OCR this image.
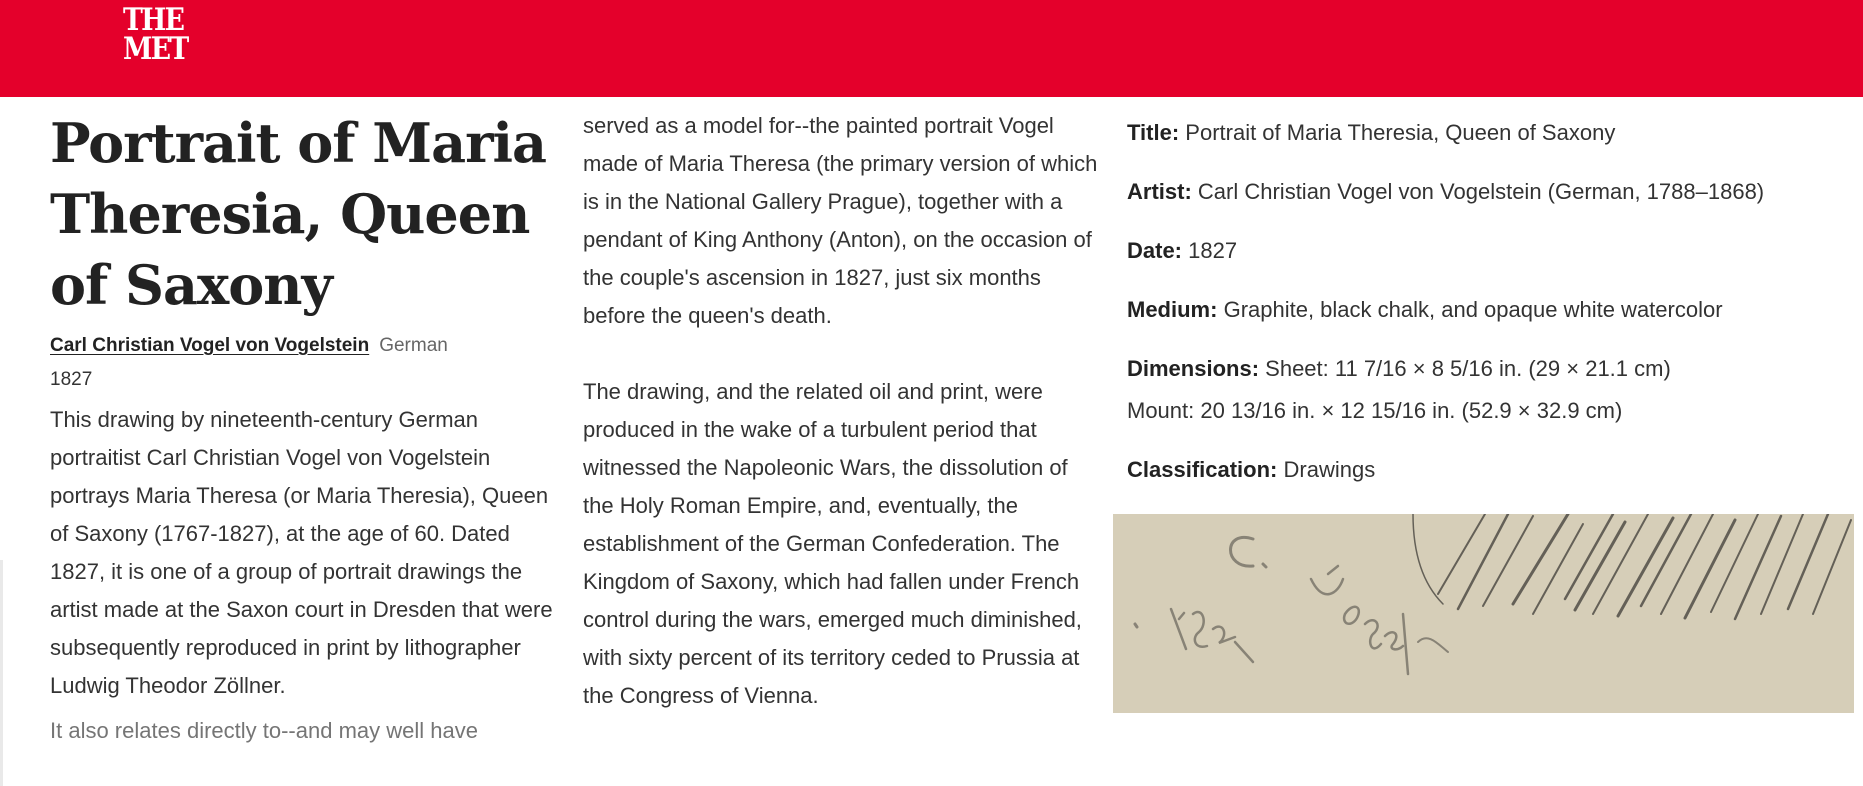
THE
MET
Portrait of Maria Theresia, Queen of Saxony
Carl Christian Vogel von Vogelstein German
1827

This drawing by nineteenth-century German portraitist Carl Christian Vogel von Vogelstein portrays Maria Theresa (or Maria Theresia), Queen of Saxony (1767-1827), at the age of 60. Dated 1827, it is one of a group of portrait drawings the artist made at the Saxon court in Dresden that were subsequently reproduced in print by lithographer Ludwig Theodor Zöllner.

It also relates directly to--and may well have

served as a model for--the painted portrait Vogel made of Maria Theresa (the primary version of which is in the National Gallery Prague), together with a pendant of King Anthony (Anton), on the occasion of the couple's ascension in 1827, just six months before the queen's death.

The drawing, and the related oil and print, were produced in the wake of a turbulent period that witnessed the Napoleonic Wars, the dissolution of the Holy Roman Empire, and, eventually, the establishment of the German Confederation. The Kingdom of Saxony, which had fallen under French control during the wars, emerged much diminished, with sixty percent of its territory ceded to Prussia at the Congress of Vienna.

Title: Portrait of Maria Theresia, Queen of Saxony

Artist: Carl Christian Vogel von Vogelstein (German, 1788–1868)

Date: 1827

Medium: Graphite, black chalk, and opaque white watercolor

Dimensions: Sheet: 11 7/16 × 8 5/16 in. (29 × 21.1 cm)
Mount: 20 13/16 in. × 12 15/16 in. (52.9 × 32.9 cm)

Classification: Drawings
